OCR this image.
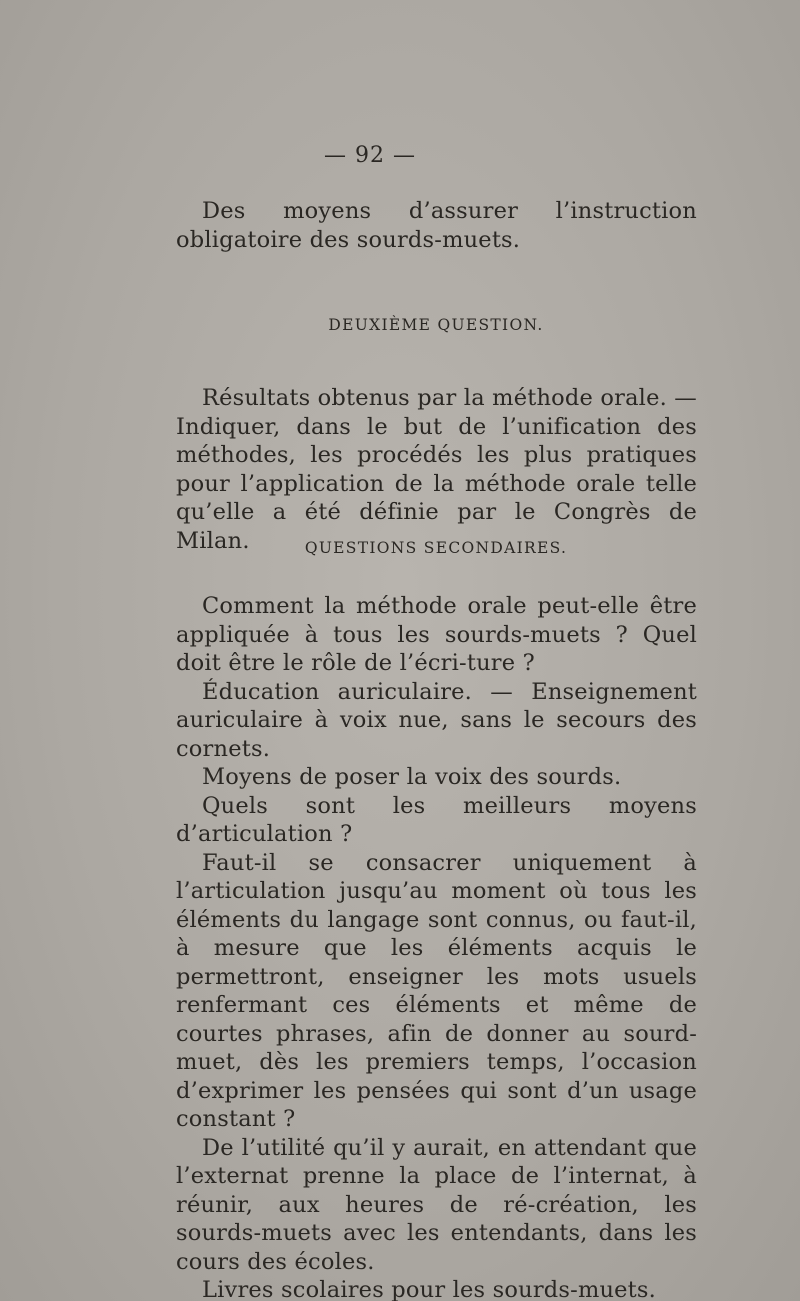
— 92 —

Des moyens d’assurer l’instruction obligatoire des sourds-muets.

DEUXIÈME QUESTION.

Résultats obtenus par la méthode orale. — Indiquer, dans le but de l’unification des méthodes, les procédés les plus pratiques pour l’application de la méthode orale telle qu’elle a été définie par le Congrès de Milan.	QUESTIONS SECONDAIRES.

Comment la méthode orale peut-elle être appliquée à tous les sourds-muets ? Quel doit être le rôle de l’écri-ture ?

Éducation auriculaire. — Enseignement auriculaire à voix nue, sans le secours des cornets.

Moyens de poser la voix des sourds.

Quels sont les meilleurs moyens d’articulation ?

Faut-il se consacrer uniquement à l’articulation jusqu’au moment où tous les éléments du langage sont connus, ou faut-il, à mesure que les éléments acquis le permettront, enseigner les mots usuels renfermant ces éléments et même de courtes phrases, afin de donner au sourd-muet, dès les premiers temps, l’occasion d’exprimer les pensées qui sont d’un usage constant ?

De l’utilité qu’il y aurait, en attendant que l’externat prenne la place de l’internat, à réunir, aux heures de ré-création, les sourds-muets avec les entendants, dans les cours des écoles.

Livres scolaires pour les sourds-muets.
